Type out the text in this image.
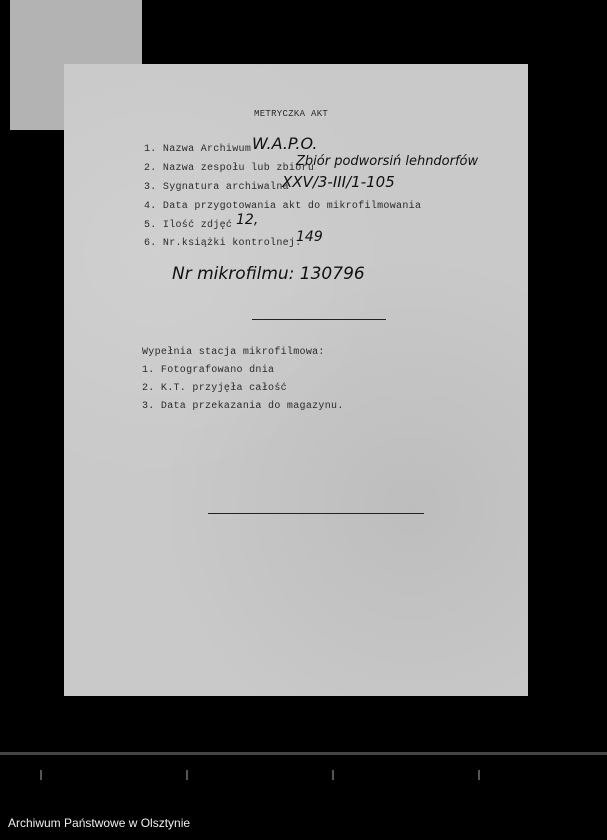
METRYCZKA AKT
1. Nazwa Archiwum W.A.P.O.
2. Nazwa zespołu lub zbioru
Zbiór podworsiń lehndorfów
3. Sygnatura archiwalna
XXV/3-III/1-105
4. Data przygotowania akt do mikrofilmowania
5. Ilość zdjęć 12,
6. Nr.książki kontrolnej.
149
Nr mikrofilmu: 130796
Wypełnia stacja mikrofilmowa:
1. Fotografowano dnia
2. K.T. przyjęła całość
3. Data przekazania do magazynu.
Archiwum Państwowe w Olsztynie
